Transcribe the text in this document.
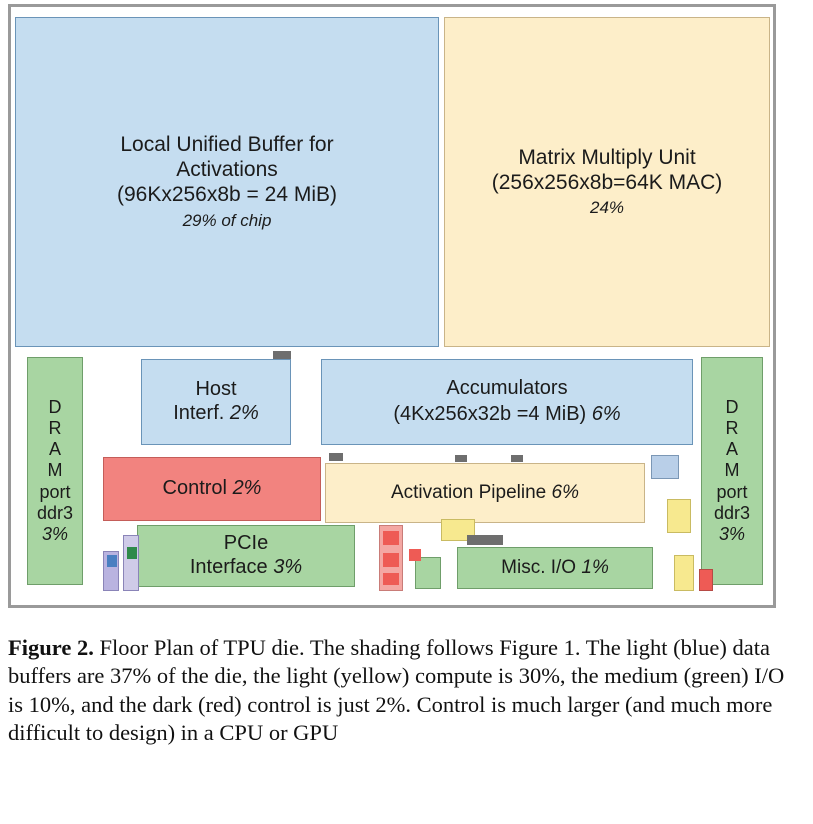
Local Unified Buffer for
Activations
(96Kx256x8b = 24 MiB)
29% of chip
Matrix Multiply Unit
(256x256x8b=64K MAC)
24%
D
R
A
M
port
ddr3
3%
D
R
A
M
port
ddr3
3%
Host
Interf. 2%
Accumulators
(4Kx256x32b =4 MiB) 6%
Control 2%	Activation Pipeline 6%
PCIe
Interface 3%	Misc. I/O 1%
Figure 2. Floor Plan of TPU die. The shading follows Figure 1. The light (blue) data buffers are 37% of the die, the light (yellow) compute is 30%, the medium (green) I/O is 10%, and the dark (red) control is just 2%. Control is much larger (and much more difficult to design) in a CPU or GPU
